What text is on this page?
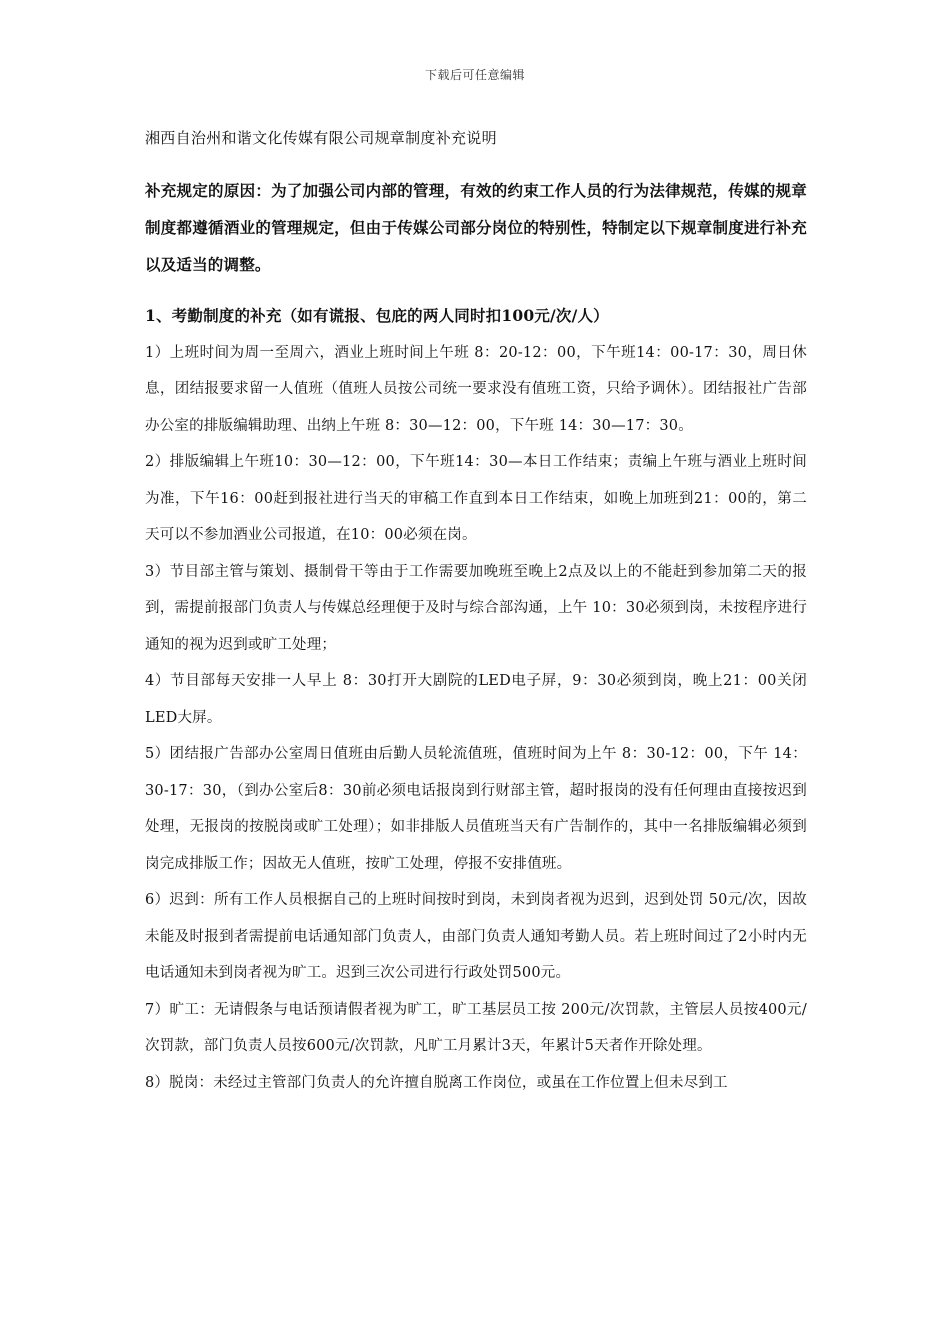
下载后可任意编辑
湘西自治州和谐文化传媒有限公司规章制度补充说明
补充规定的原因：为了加强公司内部的管理，有效的约束工作人员的行为法律规范，传媒的规章制度都遵循酒业的管理规定，但由于传媒公司部分岗位的特别性，特制定以下规章制度进行补充以及适当的调整。

1、考勤制度的补充（如有谎报、包庇的两人同时扣100元/次/人）

1）上班时间为周一至周六，酒业上班时间上午班 8：20-12：00，下午班14：00-17：30，周日休息，团结报要求留一人值班（值班人员按公司统一要求没有值班工资，只给予调休）。团结报社广告部办公室的排版编辑助理、出纳上午班 8：30—12：00，下午班 14：30—17：30。

2）排版编辑上午班10：30—12：00，下午班14：30—本日工作结束；责编上午班与酒业上班时间为准，下午16：00赶到报社进行当天的审稿工作直到本日工作结束，如晚上加班到21：00的，第二天可以不参加酒业公司报道，在10：00必须在岗。

3）节目部主管与策划、摄制骨干等由于工作需要加晚班至晚上2点及以上的不能赶到参加第二天的报到，需提前报部门负责人与传媒总经理便于及时与综合部沟通，上午 10：30必须到岗，未按程序进行通知的视为迟到或旷工处理；

4）节目部每天安排一人早上 8：30打开大剧院的LED电子屏，9：30必须到岗，晚上21：00关闭LED大屏。

5）团结报广告部办公室周日值班由后勤人员轮流值班，值班时间为上午 8：30-12：00，下午 14：30-17：30，（到办公室后8：30前必须电话报岗到行财部主管，超时报岗的没有任何理由直接按迟到处理，无报岗的按脱岗或旷工处理）；如非排版人员值班当天有广告制作的，其中一名排版编辑必须到岗完成排版工作；因故无人值班，按旷工处理，停报不安排值班。

6）迟到：所有工作人员根据自己的上班时间按时到岗，未到岗者视为迟到，迟到处罚 50元/次，因故未能及时报到者需提前电话通知部门负责人，由部门负责人通知考勤人员。若上班时间过了2小时内无电话通知未到岗者视为旷工。迟到三次公司进行行政处罚500元。

7）旷工：无请假条与电话预请假者视为旷工，旷工基层员工按 200元/次罚款，主管层人员按400元/次罚款，部门负责人员按600元/次罚款，凡旷工月累计3天，年累计5天者作开除处理。

8）脱岗：未经过主管部门负责人的允许擅自脱离工作岗位，或虽在工作位置上但未尽到工
